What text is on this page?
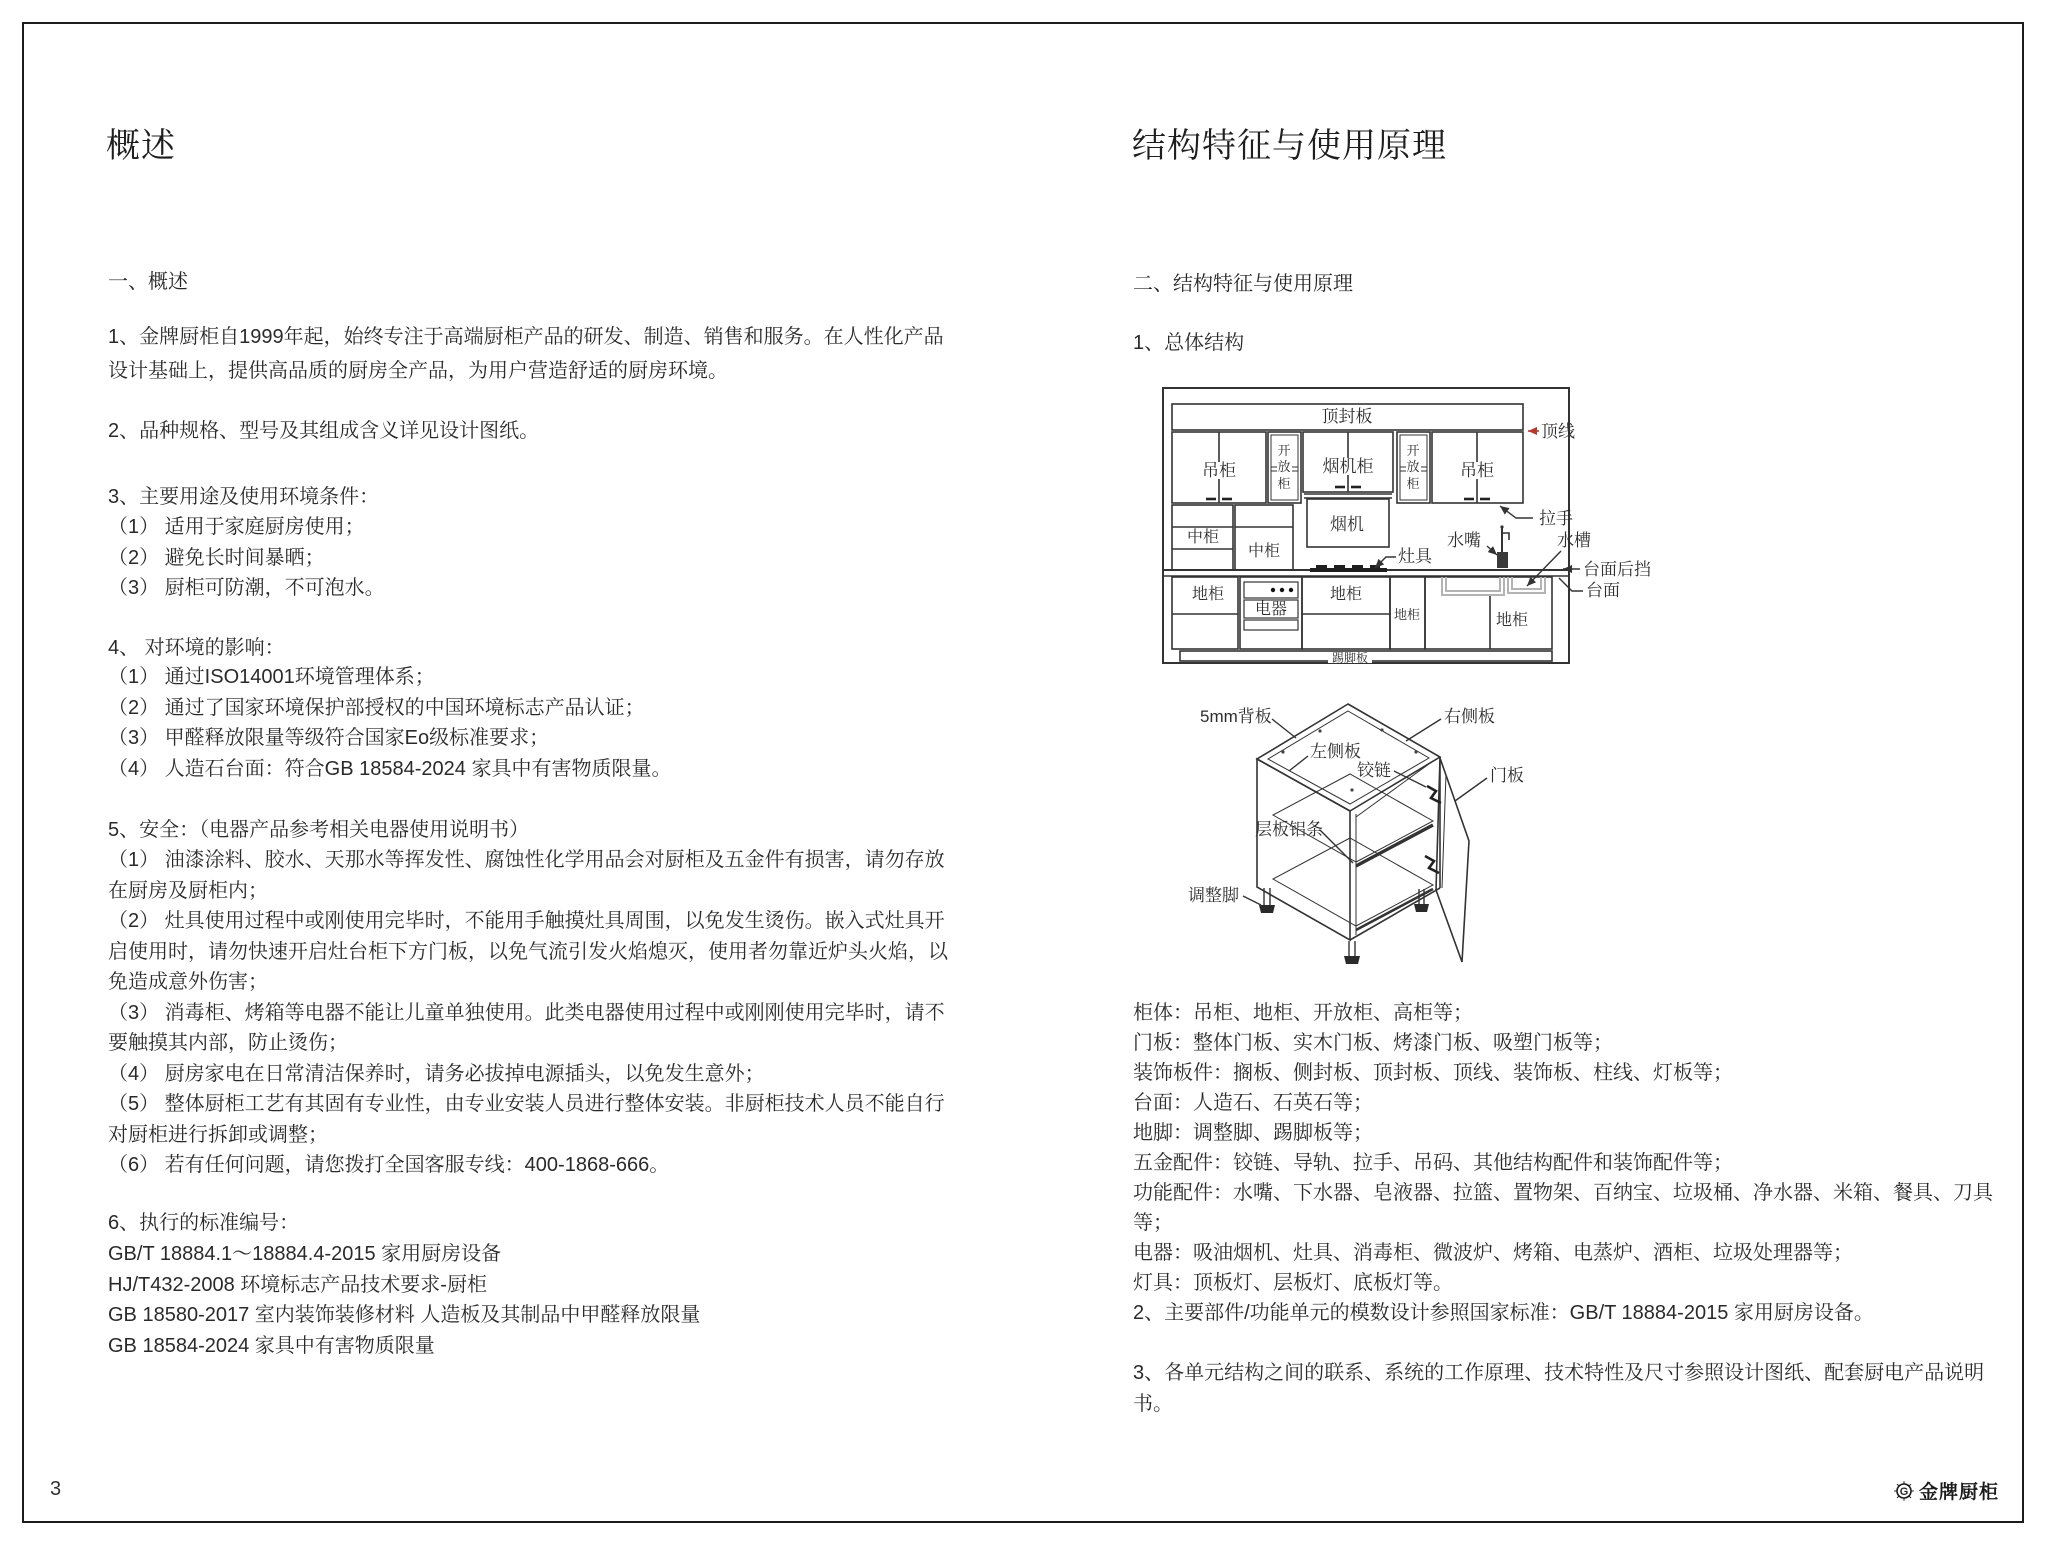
概述
一、概述

1、金牌厨柜自1999年起，始终专注于高端厨柜产品的研发、制造、销售和服务。在人性化产品设计基础上，提供高品质的厨房全产品，为用户营造舒适的厨房环境。

2、品种规格、型号及其组成含义详见设计图纸。

3、主要用途及使用环境条件：

（1） 适用于家庭厨房使用；

（2） 避免长时间暴晒；

（3） 厨柜可防潮，不可泡水。

4、 对环境的影响：

（1） 通过ISO14001环境管理体系；

（2） 通过了国家环境保护部授权的中国环境标志产品认证；

（3） 甲醛释放限量等级符合国家Eo级标准要求；

（4） 人造石台面：符合GB 18584-2024 家具中有害物质限量。

5、安全：（电器产品参考相关电器使用说明书）

（1） 油漆涂料、胶水、天那水等挥发性、腐蚀性化学用品会对厨柜及五金件有损害，请勿存放在厨房及厨柜内；

（2） 灶具使用过程中或刚使用完毕时，不能用手触摸灶具周围，以免发生烫伤。嵌入式灶具开启使用时，请勿快速开启灶台柜下方门板，以免气流引发火焰熄灭，使用者勿靠近炉头火焰，以免造成意外伤害；

（3） 消毒柜、烤箱等电器不能让儿童单独使用。此类电器使用过程中或刚刚使用完毕时，请不要触摸其内部，防止烫伤；

（4） 厨房家电在日常清洁保养时，请务必拔掉电源插头，以免发生意外；

（5） 整体厨柜工艺有其固有专业性，由专业安装人员进行整体安装。非厨柜技术人员不能自行对厨柜进行拆卸或调整；

（6） 若有任何问题，请您拨打全国客服专线：400-1868-666。

6、执行的标准编号：

GB/T 18884.1～18884.4-2015 家用厨房设备

HJ/T432-2008 环境标志产品技术要求-厨柜

GB 18580-2017 室内装饰装修材料 人造板及其制品中甲醛释放限量

GB 18584-2024 家具中有害物质限量

结构特征与使用原理
二、结构特征与使用原理

1、总体结构

顶封板
吊柜	烟机柜	吊柜
开
放
柜
开
放
柜
中柜
中柜
烟机	拉手
水嘴	水槽
灶具
台面后挡
台面
地柜
电器
地柜
地柜	地柜
踢脚板
顶线
5mm背板	右侧板
左侧板
铰链	门板
层板铝条
调整脚

柜体：吊柜、地柜、开放柜、高柜等；

门板：整体门板、实木门板、烤漆门板、吸塑门板等；

装饰板件：搁板、侧封板、顶封板、顶线、装饰板、柱线、灯板等；

台面：人造石、石英石等；

地脚：调整脚、踢脚板等；

五金配件：铰链、导轨、拉手、吊码、其他结构配件和装饰配件等；

功能配件：水嘴、下水器、皂液器、拉篮、置物架、百纳宝、垃圾桶、净水器、米箱、餐具、刀具等；

电器：吸油烟机、灶具、消毒柜、微波炉、烤箱、电蒸炉、酒柜、垃圾处理器等；

灯具：顶板灯、层板灯、底板灯等。

2、主要部件/功能单元的模数设计参照国家标准：GB/T 18884-2015 家用厨房设备。

3、各单元结构之间的联系、系统的工作原理、技术特性及尺寸参照设计图纸、配套厨电产品说明书。

3	G 金牌厨柜
